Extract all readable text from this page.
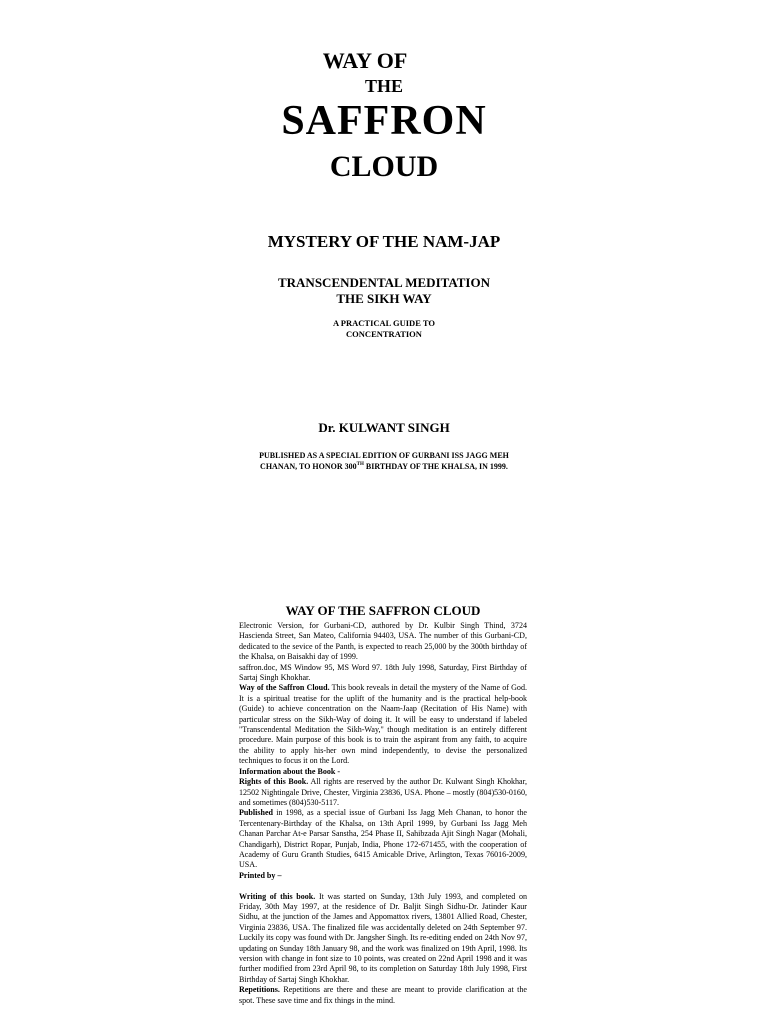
WAY OF
THE
SAFFRON
CLOUD
MYSTERY OF THE NAM-JAP
TRANSCENDENTAL MEDITATION
THE SIKH WAY
A PRACTICAL GUIDE TO
CONCENTRATION
Dr. KULWANT SINGH
PUBLISHED AS A SPECIAL EDITION OF GURBANI ISS JAGG MEH
CHANAN, TO HONOR 300TH BIRTHDAY OF THE KHALSA, IN 1999.
WAY OF THE SAFFRON CLOUD

Electronic Version, for Gurbani-CD, authored by Dr. Kulbir Singh Thind, 3724 Hascienda Street, San Mateo, California 94403, USA. The number of this Gurbani-CD, dedicated to the sevice of the Panth, is expected to reach 25,000 by the 300th birthday of the Khalsa, on Baisakhi day of 1999.

saffron.doc, MS Window 95, MS Word 97. 18th July 1998, Saturday, First Birthday of Sartaj Singh Khokhar.

Way of the Saffron Cloud. This book reveals in detail the mystery of the Name of God. It is a spiritual treatise for the uplift of the humanity and is the practical help-book (Guide) to achieve concentration on the Naam-Jaap (Recitation of His Name) with particular stress on the Sikh-Way of doing it. It will be easy to understand if labeled "Transcendental Meditation the Sikh-Way," though meditation is an entirely different procedure. Main purpose of this book is to train the aspirant from any faith, to acquire the ability to apply his-her own mind independently, to devise the personalized techniques to focus it on the Lord.

Information about the Book -

Rights of this Book. All rights are reserved by the author Dr. Kulwant Singh Khokhar, 12502 Nightingale Drive, Chester, Virginia 23836, USA. Phone – mostly (804)530-0160, and sometimes (804)530-5117.

Published in 1998, as a special issue of Gurbani Iss Jagg Meh Chanan, to honor the Tercentenary-Birthday of the Khalsa, on 13th April 1999, by Gurbani Iss Jagg Meh Chanan Parchar At-e Parsar Sanstha, 254 Phase II, Sahibzada Ajit Singh Nagar (Mohali, Chandigarh), District Ropar, Punjab, India, Phone 172-671455, with the cooperation of Academy of Guru Granth Studies, 6415 Amicable Drive, Arlington, Texas 76016-2009, USA.

Printed by –

Writing of this book. It was started on Sunday, 13th July 1993, and completed on Friday, 30th May 1997, at the residence of Dr. Baljit Singh Sidhu-Dr. Jatinder Kaur Sidhu, at the junction of the James and Appomattox rivers, 13801 Allied Road, Chester, Virginia 23836, USA. The finalized file was accidentally deleted on 24th September 97. Luckily its copy was found with Dr. Jangsher Singh. Its re-editing ended on 24th Nov 97, updating on Sunday 18th January 98, and the work was finalized on 19th April, 1998. Its version with change in font size to 10 points, was created on 22nd April 1998 and it was further modified from 23rd April 98, to its completion on Saturday 18th July 1998, First Birthday of Sartaj Singh Khokhar.

Repetitions. Repetitions are there and these are meant to provide clarification at the spot. These save time and fix things in the mind.
